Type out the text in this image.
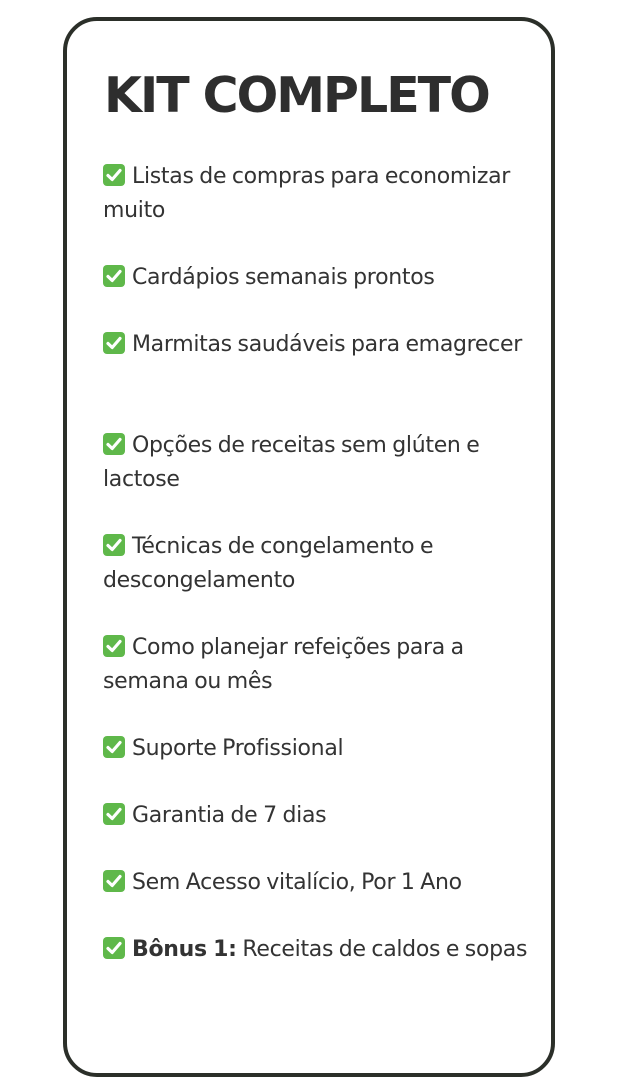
KIT COMPLETO
Listas de compras para economizar muito
Cardápios semanais prontos
Marmitas saudáveis para emagrecer
Opções de receitas sem glúten e lactose
Técnicas de congelamento e descongelamento
Como planejar refeições para a semana ou mês
Suporte Profissional
Garantia de 7 dias
Sem Acesso vitalício, Por 1 Ano
Bônus 1: Receitas de caldos e sopas
